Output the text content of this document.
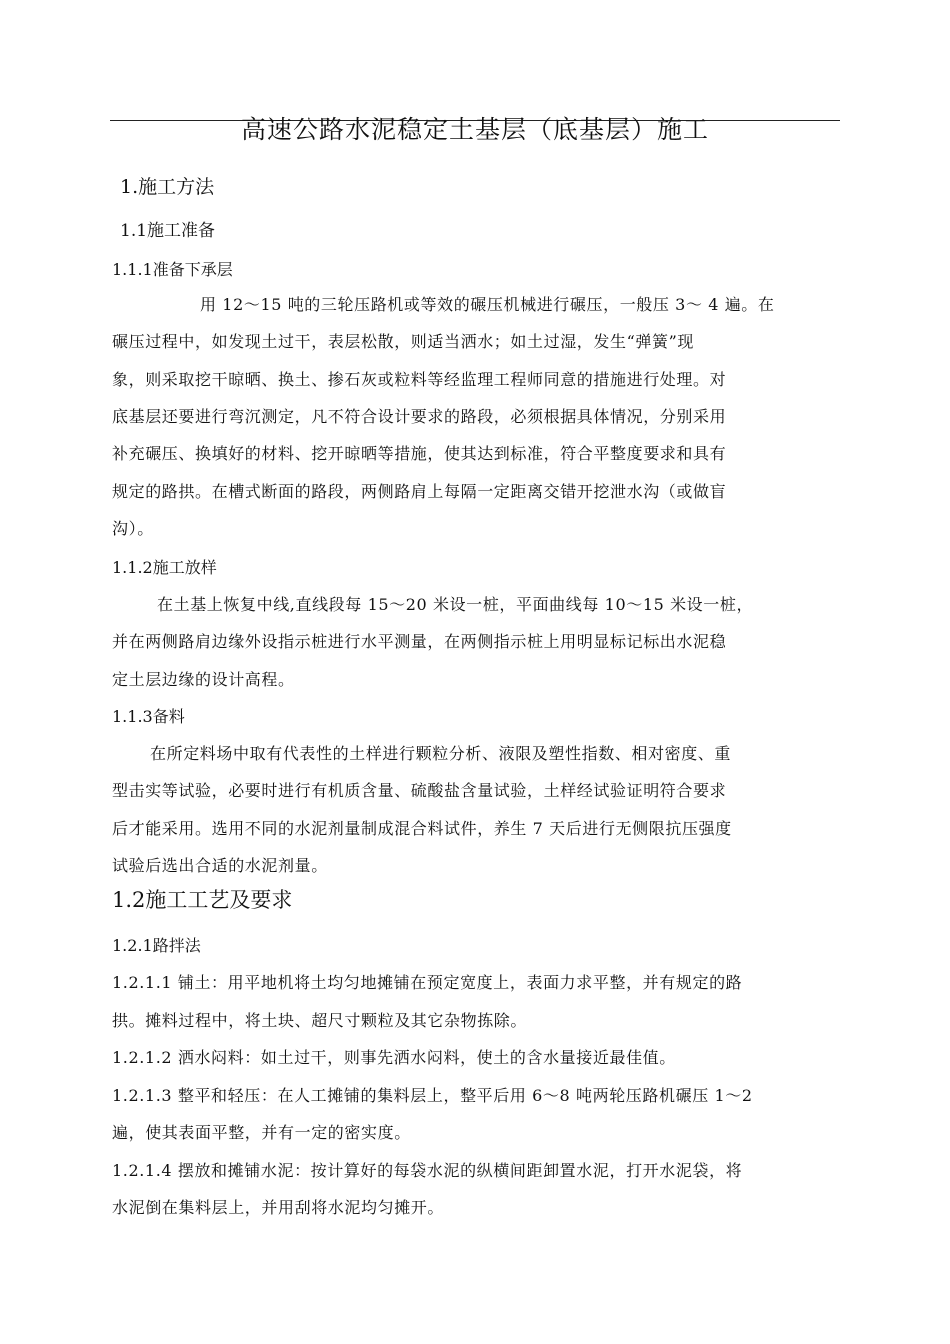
高速公路水泥稳定土基层（底基层）施工
1.施工方法
1.1施工准备
1.1.1准备下承层
用 12～15 吨的三轮压路机或等效的碾压机械进行碾压，一般压 3～ 4 遍。在
碾压过程中，如发现土过干，表层松散，则适当洒水；如土过湿，发生“弹簧”现
象，则采取挖干晾晒、换土、掺石灰或粒料等经监理工程师同意的措施进行处理。对
底基层还要进行弯沉测定，凡不符合设计要求的路段，必须根据具体情况，分别采用
补充碾压、换填好的材料、挖开晾晒等措施，使其达到标准，符合平整度要求和具有
规定的路拱。在槽式断面的路段，两侧路肩上每隔一定距离交错开挖泄水沟（或做盲
沟）。
1.1.2施工放样
在土基上恢复中线,直线段每 15～20 米设一桩，平面曲线每 10～15 米设一桩，
并在两侧路肩边缘外设指示桩进行水平测量，在两侧指示桩上用明显标记标出水泥稳
定土层边缘的设计高程。
1.1.3备料
在所定料场中取有代表性的土样进行颗粒分析、液限及塑性指数、相对密度、重
型击实等试验，必要时进行有机质含量、硫酸盐含量试验，土样经试验证明符合要求
后才能采用。选用不同的水泥剂量制成混合料试件，养生 7 天后进行无侧限抗压强度
试验后选出合适的水泥剂量。
1.2施工工艺及要求
1.2.1路拌法
1.2.1.1 铺土：用平地机将土均匀地摊铺在预定宽度上，表面力求平整，并有规定的路
拱。摊料过程中，将土块、超尺寸颗粒及其它杂物拣除。
1.2.1.2 洒水闷料：如土过干，则事先洒水闷料，使土的含水量接近最佳值。
1.2.1.3 整平和轻压：在人工摊铺的集料层上，整平后用 6～8 吨两轮压路机碾压 1～2
遍，使其表面平整，并有一定的密实度。
1.2.1.4 摆放和摊铺水泥：按计算好的每袋水泥的纵横间距卸置水泥，打开水泥袋，将
水泥倒在集料层上，并用刮将水泥均匀摊开。
